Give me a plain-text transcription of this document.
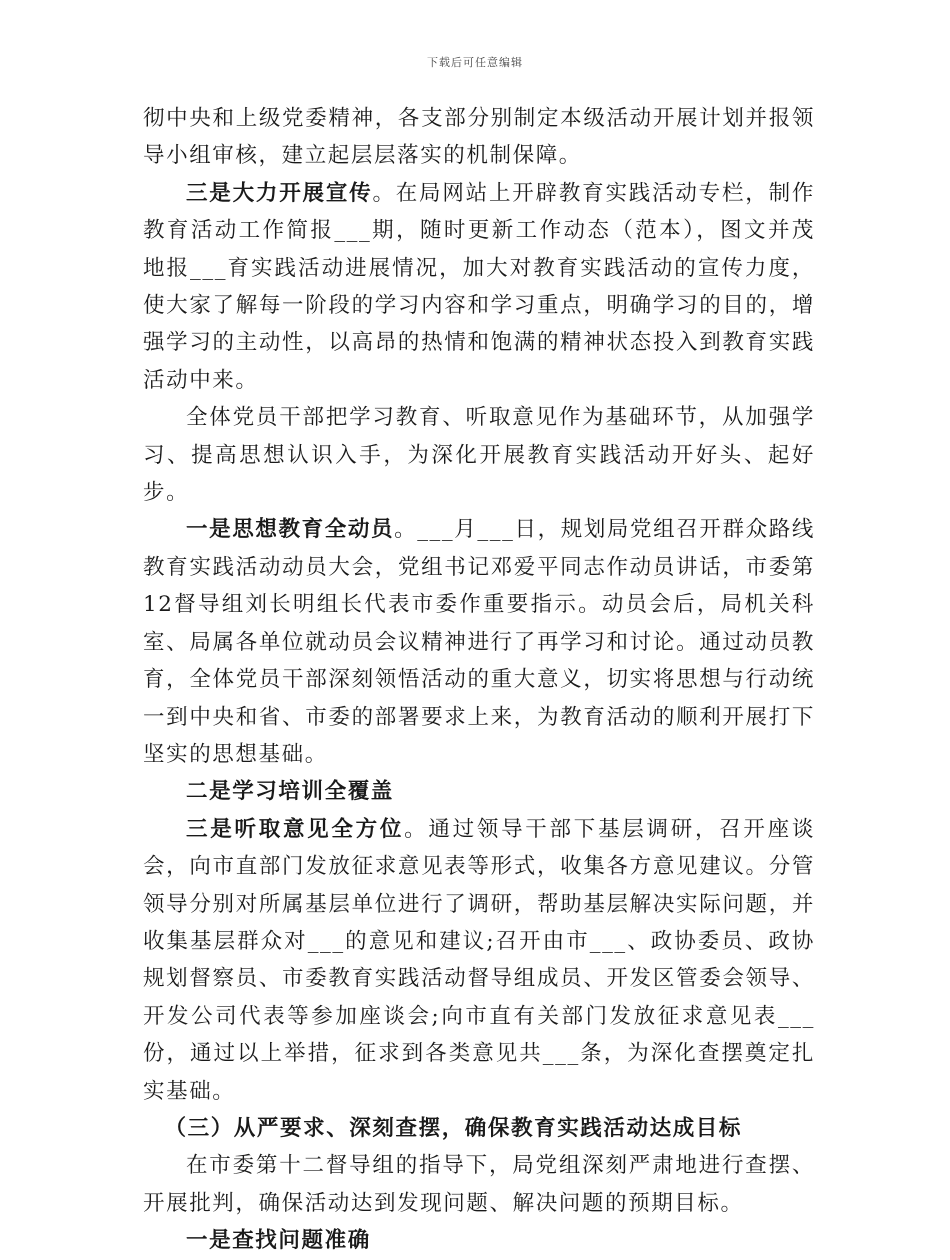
下载后可任意编辑

彻中央和上级党委精神，各支部分别制定本级活动开展计划并报领导小组审核，建立起层层落实的机制保障。

三是大力开展宣传。在局网站上开辟教育实践活动专栏，制作教育活动工作简报___期，随时更新工作动态（范本），图文并茂地报___育实践活动进展情况，加大对教育实践活动的宣传力度，使大家了解每一阶段的学习内容和学习重点，明确学习的目的，增强学习的主动性，以高昂的热情和饱满的精神状态投入到教育实践活动中来。

全体党员干部把学习教育、听取意见作为基础环节，从加强学习、提高思想认识入手，为深化开展教育实践活动开好头、起好步。

一是思想教育全动员。___月___日，规划局党组召开群众路线教育实践活动动员大会，党组书记邓爱平同志作动员讲话，市委第12督导组刘长明组长代表市委作重要指示。动员会后，局机关科室、局属各单位就动员会议精神进行了再学习和讨论。通过动员教育，全体党员干部深刻领悟活动的重大意义，切实将思想与行动统一到中央和省、市委的部署要求上来，为教育活动的顺利开展打下坚实的思想基础。

二是学习培训全覆盖

三是听取意见全方位。通过领导干部下基层调研，召开座谈会，向市直部门发放征求意见表等形式，收集各方意见建议。分管领导分别对所属基层单位进行了调研，帮助基层解决实际问题，并收集基层群众对___的意见和建议;召开由市___、政协委员、政协规划督察员、市委教育实践活动督导组成员、开发区管委会领导、开发公司代表等参加座谈会;向市直有关部门发放征求意见表___份，通过以上举措，征求到各类意见共___条，为深化查摆奠定扎实基础。

（三）从严要求、深刻查摆，确保教育实践活动达成目标

在市委第十二督导组的指导下，局党组深刻严肃地进行查摆、开展批判，确保活动达到发现问题、解决问题的预期目标。

一是查找问题准确
